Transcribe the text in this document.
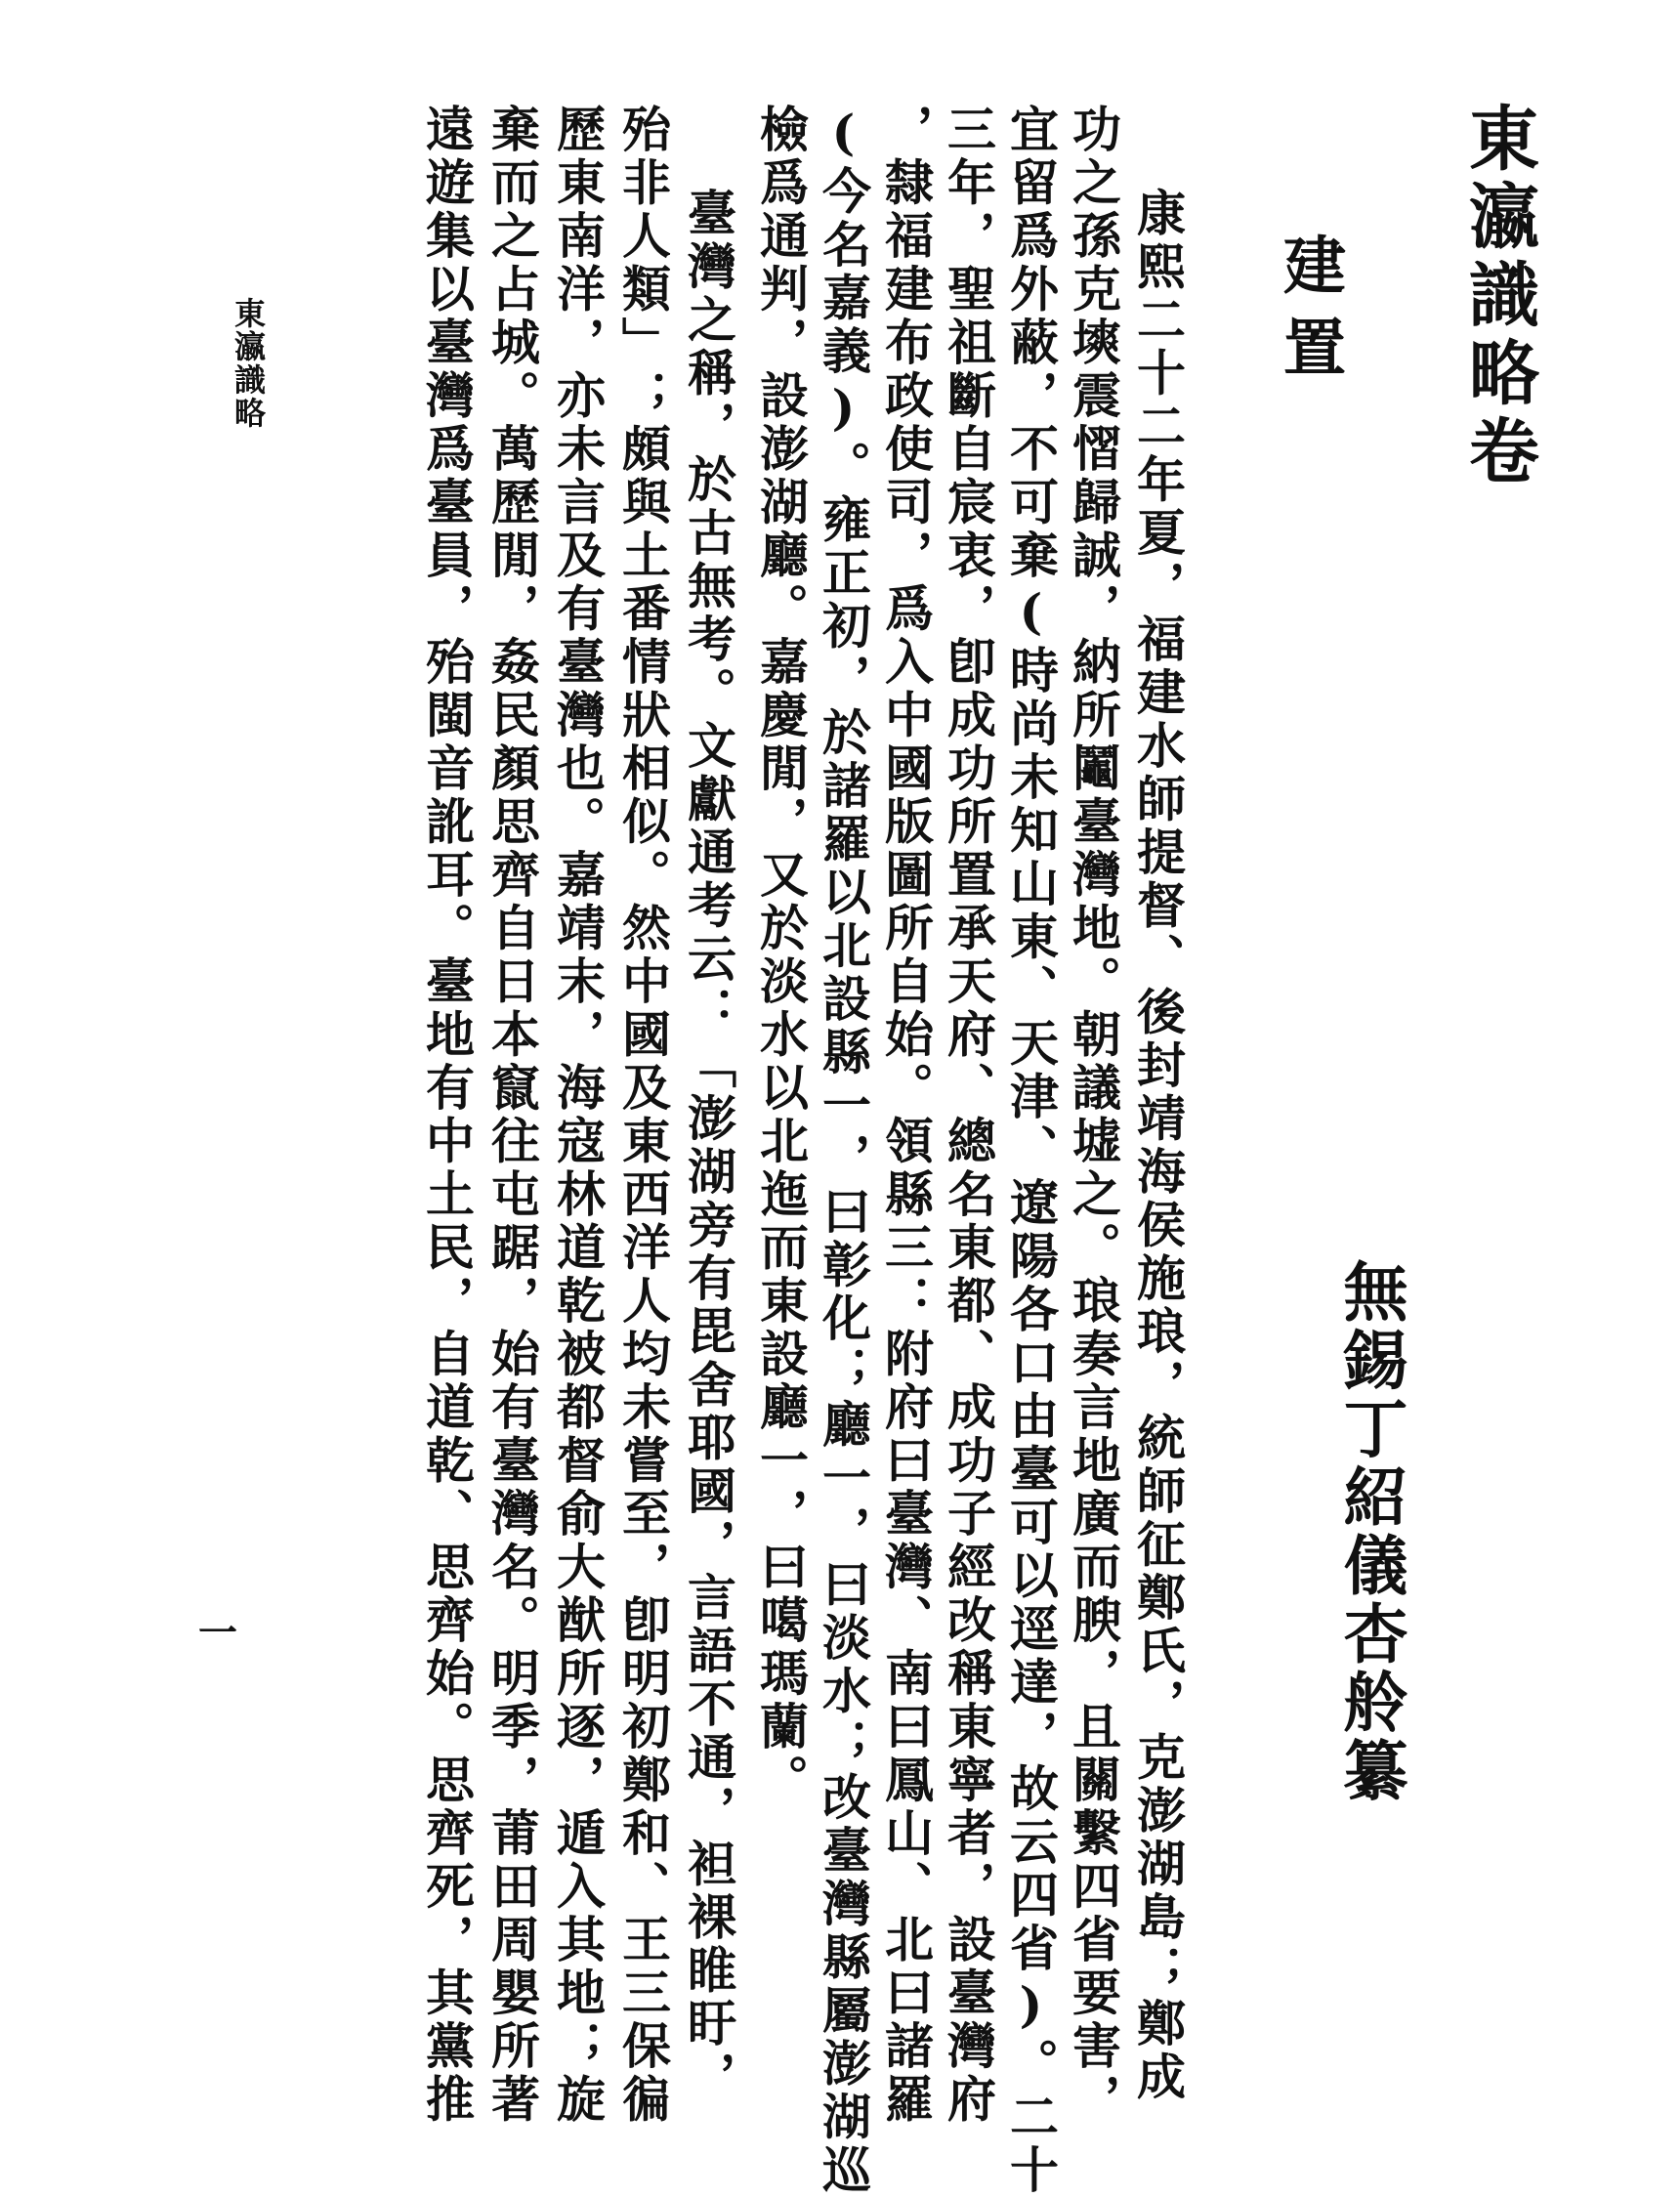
東瀛識略卷
無錫丁紹儀杏舲纂
建置
康熙二十二年夏，福建水師提督、後封靖海侯施琅，統師征鄭氏，克澎湖島；鄭成
功之孫克塽震慴歸誠，納所鬮臺灣地。朝議墟之。琅奏言地廣而腴，且關繫四省要害，
宜留爲外蔽，不可棄(時尚未知山東、天津、遼陽各口由臺可以逕達，故云四省)。二十
三年，聖祖斷自宸衷，卽成功所置承天府、總名東都、成功子經改稱東寧者，設臺灣府
，隸福建布政使司，爲入中國版圖所自始。領縣三：附府曰臺灣、南曰鳳山、北曰諸羅
(今名嘉義)。雍正初，於諸羅以北設縣一，曰彰化；廳一，曰淡水；改臺灣縣屬澎湖巡
檢爲通判，設澎湖廳。嘉慶閒，又於淡水以北迤而東設廳一，曰噶瑪蘭。
臺灣之稱，於古無考。文獻通考云：「澎湖旁有毘舍耶國，言語不通，袒裸睢盱，
殆非人類」；頗與土番情狀相似。然中國及東西洋人均未嘗至，卽明初鄭和、王三保徧
歷東南洋，亦未言及有臺灣也。嘉靖末，海寇林道乾被都督俞大猷所逐，遁入其地；旋
棄而之占城。萬歷閒，姦民顏思齊自日本竄往屯踞，始有臺灣名。明季，莆田周嬰所著
遠遊集以臺灣爲臺員，殆閩音訛耳。臺地有中土民，自道乾、思齊始。思齊死，其黨推
東瀛識略
一
